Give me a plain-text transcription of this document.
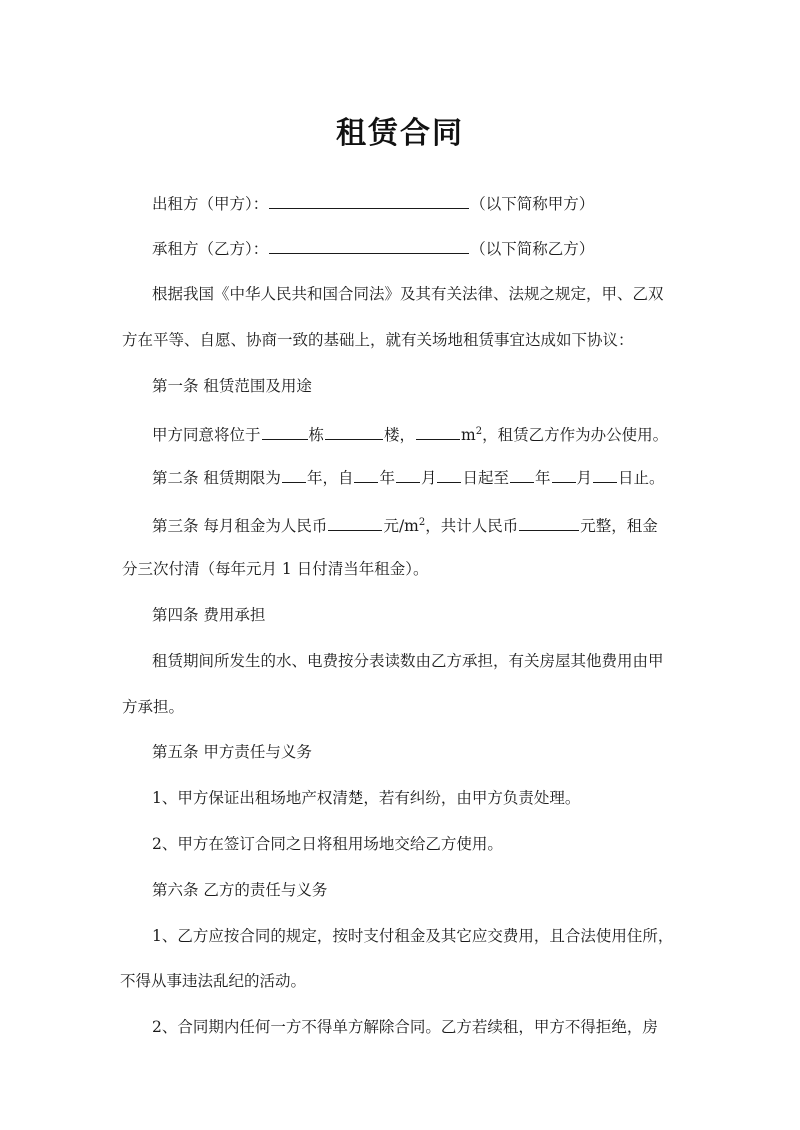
租赁合同
出租方（甲方）：	（以下简称甲方）
承租方（乙方）：	（以下简称乙方）
根据我国《中华人民共和国合同法》及其有关法律、法规之规定，甲、乙双
方在平等、自愿、协商一致的基础上，就有关场地租赁事宜达成如下协议：
第一条 租赁范围及用途
甲方同意将位于	栋	楼，	$m^2$，租赁乙方作为办公使用。
第二条 租赁期限为 年，自 年 月 日起至 年 月 日止。
第三条 每月租金为人民币	元$/m^2$，共计人民币	元整，租金
分三次付清（每年元月 1 日付清当年租金）。
第四条 费用承担
租赁期间所发生的水、电费按分表读数由乙方承担，有关房屋其他费用由甲
方承担。
第五条 甲方责任与义务
1、甲方保证出租场地产权清楚，若有纠纷，由甲方负责处理。
2、甲方在签订合同之日将租用场地交给乙方使用。
第六条 乙方的责任与义务
1、乙方应按合同的规定，按时支付租金及其它应交费用，且合法使用住所，
不得从事违法乱纪的活动。
2、合同期内任何一方不得单方解除合同。乙方若续租，甲方不得拒绝，房
